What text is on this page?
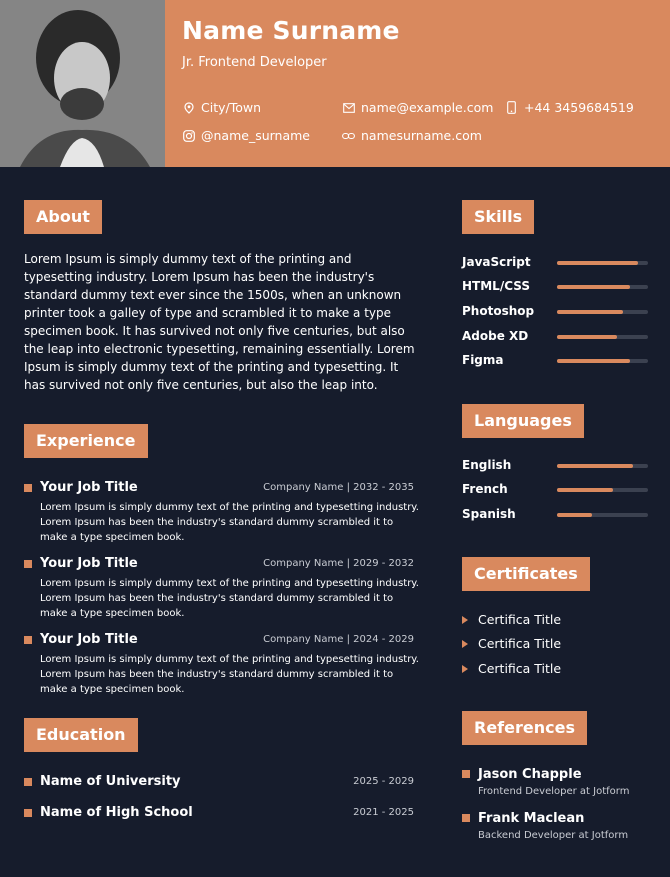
Name Surname
Jr. Frontend Developer
City/Town	name@example.com +44 3459684519
@name_surname	namesurname.com
About
Lorem Ipsum is simply dummy text of the printing and typesetting industry. Lorem Ipsum has been the industry's standard dummy text ever since the 1500s, when an unknown printer took a galley of type and scrambled it to make a type specimen book. It has survived not only five centuries, but also the leap into electronic typesetting, remaining essentially. Lorem Ipsum is simply dummy text of the printing and typesetting. It has survived not only five centuries, but also the leap into.
Experience
Your Job Title	Company Name | 2032 - 2035
Lorem Ipsum is simply dummy text of the printing and typesetting industry. Lorem Ipsum has been the industry's standard dummy scrambled it to make a type specimen book.
Your Job Title	Company Name | 2029 - 2032
Lorem Ipsum is simply dummy text of the printing and typesetting industry. Lorem Ipsum has been the industry's standard dummy scrambled it to make a type specimen book.
Your Job Title	Company Name | 2024 - 2029
Lorem Ipsum is simply dummy text of the printing and typesetting industry. Lorem Ipsum has been the industry's standard dummy scrambled it to make a type specimen book.
Education
Name of University	2025 - 2029
Name of High School	2021 - 2025
Skills
JavaScript
HTML/CSS
Photoshop
Adobe XD
Figma
Languages
English
French
Spanish
Certificates
Certifica Title
Certifica Title
Certifica Title
References
Jason Chapple
Frontend Developer at Jotform
Frank Maclean
Backend Developer at Jotform
